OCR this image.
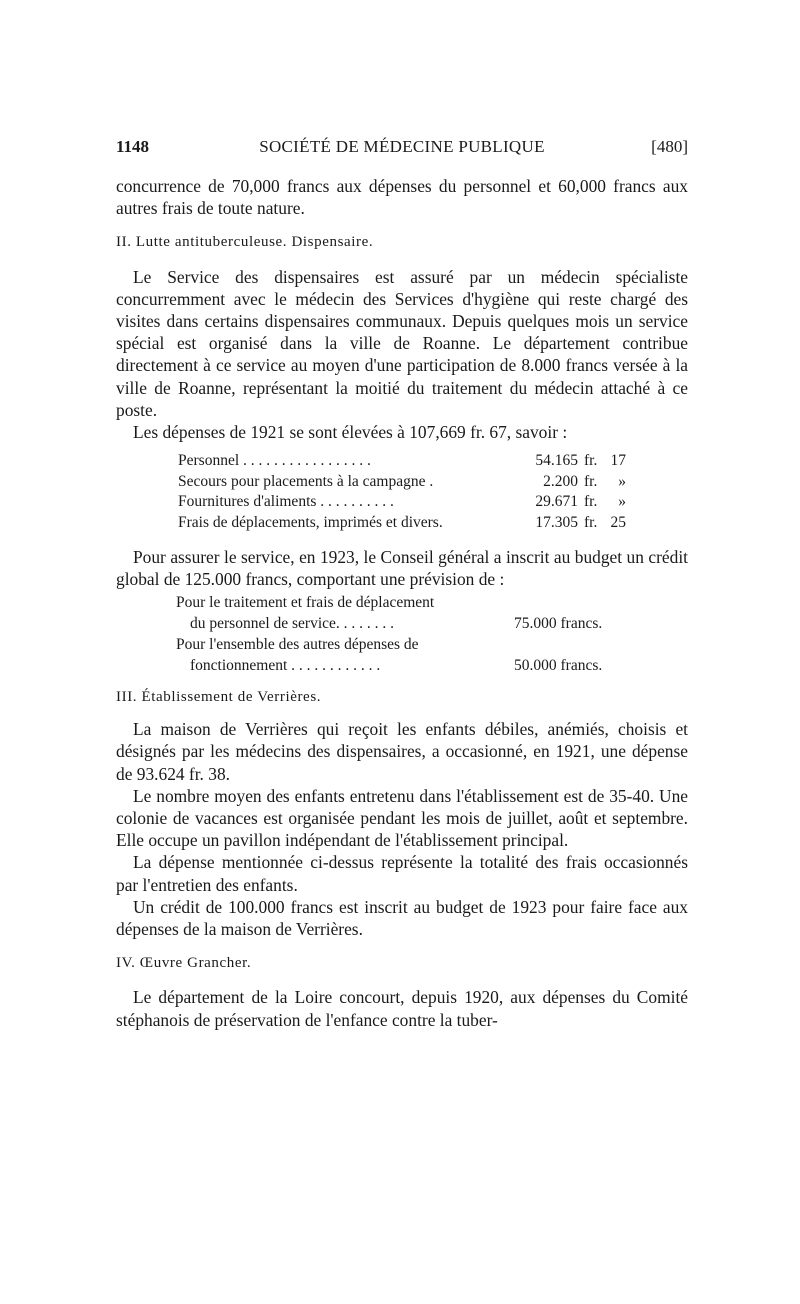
1148	SOCIÉTÉ DE MÉDECINE PUBLIQUE	[480]

concurrence de 70,000 francs aux dépenses du personnel et 60,000 francs aux autres frais de toute nature.

II. Lutte antituberculeuse. Dispensaire.

Le Service des dispensaires est assuré par un médecin spécialiste concurremment avec le médecin des Services d'hygiène qui reste chargé des visites dans certains dispensaires communaux. Depuis quelques mois un service spécial est organisé dans la ville de Roanne. Le département contribue directement à ce service au moyen d'une participation de 8.000 francs versée à la ville de Roanne, représentant la moitié du traitement du médecin attaché à ce poste.

Les dépenses de 1921 se sont élevées à 107,669 fr. 67, savoir :

Personnel . . . . . . . . . . . . . . . . .	54.165	fr.	17
Secours pour placements à la campagne .	2.200	fr.	»
Fournitures d'aliments . . . . . . . . . .	29.671	fr.	»
Frais de déplacements, imprimés et divers.	17.305	fr.	25

Pour assurer le service, en 1923, le Conseil général a inscrit au budget un crédit global de 125.000 francs, comportant une prévision de :

Pour le traitement et frais de déplacement
du personnel de service. . . . . . . .	75.000 francs.
Pour l'ensemble des autres dépenses de
fonctionnement . . . . . . . . . . . .	50.000 francs.

III. Établissement de Verrières.

La maison de Verrières qui reçoit les enfants débiles, anémiés, choisis et désignés par les médecins des dispensaires, a occasionné, en 1921, une dépense de 93.624 fr. 38.

Le nombre moyen des enfants entretenu dans l'établissement est de 35-40. Une colonie de vacances est organisée pendant les mois de juillet, août et septembre. Elle occupe un pavillon indépendant de l'établissement principal.

La dépense mentionnée ci-dessus représente la totalité des frais occasionnés par l'entretien des enfants.

Un crédit de 100.000 francs est inscrit au budget de 1923 pour faire face aux dépenses de la maison de Verrières.

IV. Œuvre Grancher.

Le département de la Loire concourt, depuis 1920, aux dépenses du Comité stéphanois de préservation de l'enfance contre la tuber-
